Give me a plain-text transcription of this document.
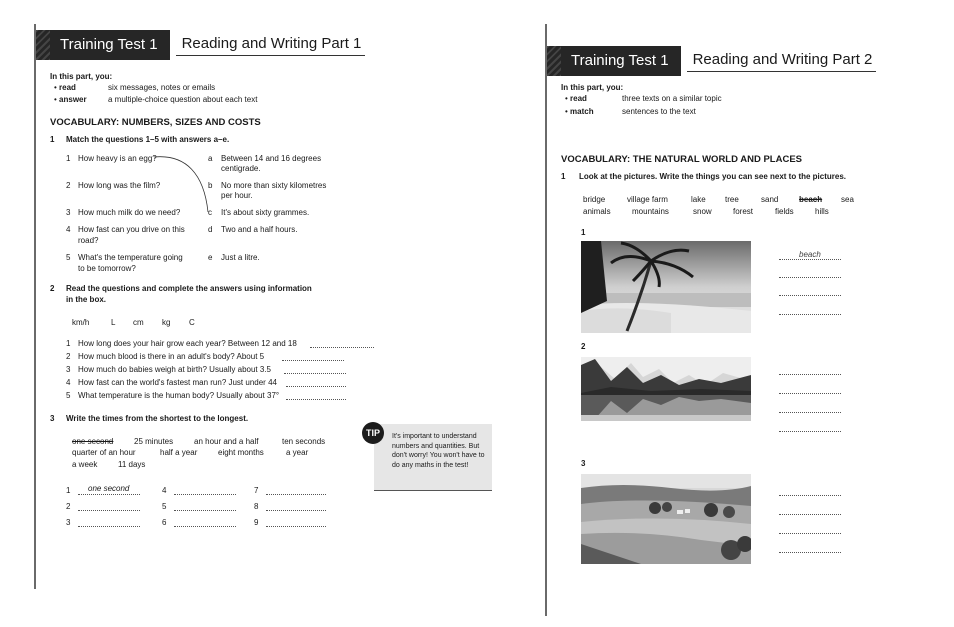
Training Test 1	Reading and Writing Part 1
In this part, you:
• read	six messages, notes or emails
• answer	a multiple-choice question about each text
VOCABULARY: NUMBERS, SIZES AND COSTS
1 Match the questions 1–5 with answers a–e.
1 How heavy is an egg?
2 How long was the film?
3 How much milk do we need?
4 How fast can you drive on this
road?
5 What's the temperature going
to be tomorrow?
a Between 14 and 16 degrees
centigrade.
b No more than sixty kilometres
per hour.
c It's about sixty grammes.
d Two and a half hours.
e Just a litre.
2 Read the questions and complete the answers using information
in the box.
km/h	L cm kg C
1 How long does your hair grow each year? Between 12 and 18
2 How much blood is there in an adult's body? About 5
3 How much do babies weigh at birth? Usually about 3.5
4 How fast can the world's fastest man run? Just under 44
5 What temperature is the human body? Usually about 37°
3 Write the times from the shortest to the longest.
one second	25 minutes	an hour and a half	ten seconds
quarter of an hour	half a year	eight months	a year
a week	11 days
1 one second
2
3
4
5
6
7
8
9
TIP	It's important to understand numbers and quantities. But don't worry! You won't have to do any maths in the test!
Training Test 1	Reading and Writing Part 2
In this part, you:
• read	three texts on a similar topic
• match	sentences to the text
VOCABULARY: THE NATURAL WORLD AND PLACES
1 Look at the pictures. Write the things you can see next to the pictures.
bridge	village farm	lake tree	sand	beach sea
animals	mountains	snow	forest	fields	hills
1
beach
2
3
